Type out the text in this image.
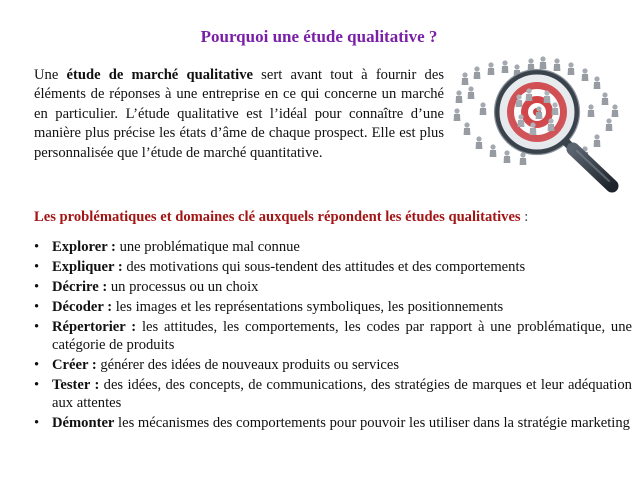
Pourquoi une étude qualitative ?

Une étude de marché qualitative sert avant tout à fournir des éléments de réponses à une entreprise en ce qui concerne un marché en particulier. L’étude qualitative est l’idéal pour connaître d’une manière plus précise les états d’âme de chaque prospect. Elle est plus personnalisée que l’étude de marché quantitative.

Les problématiques et domaines clé auxquels répondent les études qualitatives :
• Explorer : une problématique mal connue
• Expliquer : des motivations qui sous-tendent des attitudes et des comportements
• Décrire : un processus ou un choix
• Décoder : les images et les représentations symboliques, les positionnements
• Répertorier : les attitudes, les comportements, les codes par rapport à une problématique, une catégorie de produits
• Créer : générer des idées de nouveaux produits ou services
• Tester : des idées, des concepts, de communications, des stratégies de marques et leur adéquation aux attentes
• Démonter les mécanismes des comportements pour pouvoir les utiliser dans la stratégie marketing
